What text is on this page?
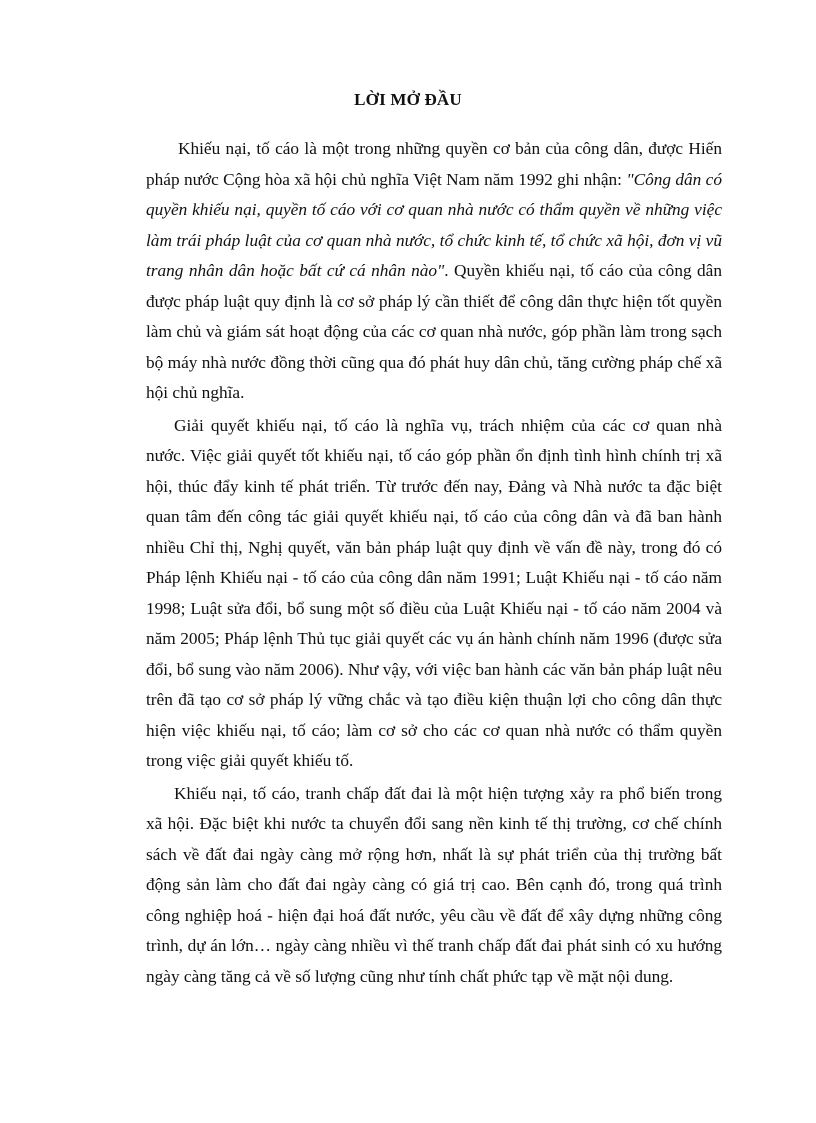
LỜI MỞ ĐẦU

Khiếu nại, tố cáo là một trong những quyền cơ bản của công dân, được Hiến pháp nước Cộng hòa xã hội chủ nghĩa Việt Nam năm 1992 ghi nhận: "Công dân có quyền khiếu nại, quyền tố cáo với cơ quan nhà nước có thẩm quyền về những việc làm trái pháp luật của cơ quan nhà nước, tổ chức kinh tế, tổ chức xã hội, đơn vị vũ trang nhân dân hoặc bất cứ cá nhân nào". Quyền khiếu nại, tố cáo của công dân được pháp luật quy định là cơ sở pháp lý cần thiết để công dân thực hiện tốt quyền làm chủ và giám sát hoạt động của các cơ quan nhà nước, góp phần làm trong sạch bộ máy nhà nước đồng thời cũng qua đó phát huy dân chủ, tăng cường pháp chế xã hội chủ nghĩa.

Giải quyết khiếu nại, tố cáo là nghĩa vụ, trách nhiệm của các cơ quan nhà nước. Việc giải quyết tốt khiếu nại, tố cáo góp phần ổn định tình hình chính trị xã hội, thúc đẩy kinh tế phát triển. Từ trước đến nay, Đảng và Nhà nước ta đặc biệt quan tâm đến công tác giải quyết khiếu nại, tố cáo của công dân và đã ban hành nhiều Chỉ thị, Nghị quyết, văn bản pháp luật quy định về vấn đề này, trong đó có Pháp lệnh Khiếu nại - tố cáo của công dân năm 1991; Luật Khiếu nại - tố cáo năm 1998; Luật sửa đổi, bổ sung một số điều của Luật Khiếu nại - tố cáo năm 2004 và năm 2005; Pháp lệnh Thủ tục giải quyết các vụ án hành chính năm 1996 (được sửa đổi, bổ sung vào năm 2006). Như vậy, với việc ban hành các văn bản pháp luật nêu trên đã tạo cơ sở pháp lý vững chắc và tạo điều kiện thuận lợi cho công dân thực hiện việc khiếu nại, tố cáo; làm cơ sở cho các cơ quan nhà nước có thẩm quyền trong việc giải quyết khiếu tố.

Khiếu nại, tố cáo, tranh chấp đất đai là một hiện tượng xảy ra phổ biến trong xã hội. Đặc biệt khi nước ta chuyển đổi sang nền kinh tế thị trường, cơ chế chính sách về đất đai ngày càng mở rộng hơn, nhất là sự phát triển của thị trường bất động sản làm cho đất đai ngày càng có giá trị cao. Bên cạnh đó, trong quá trình công nghiệp hoá - hiện đại hoá đất nước, yêu cầu về đất để xây dựng những công trình, dự án lớn… ngày càng nhiều vì thế tranh chấp đất đai phát sinh có xu hướng ngày càng tăng cả về số lượng cũng như tính chất phức tạp về mặt nội dung.
